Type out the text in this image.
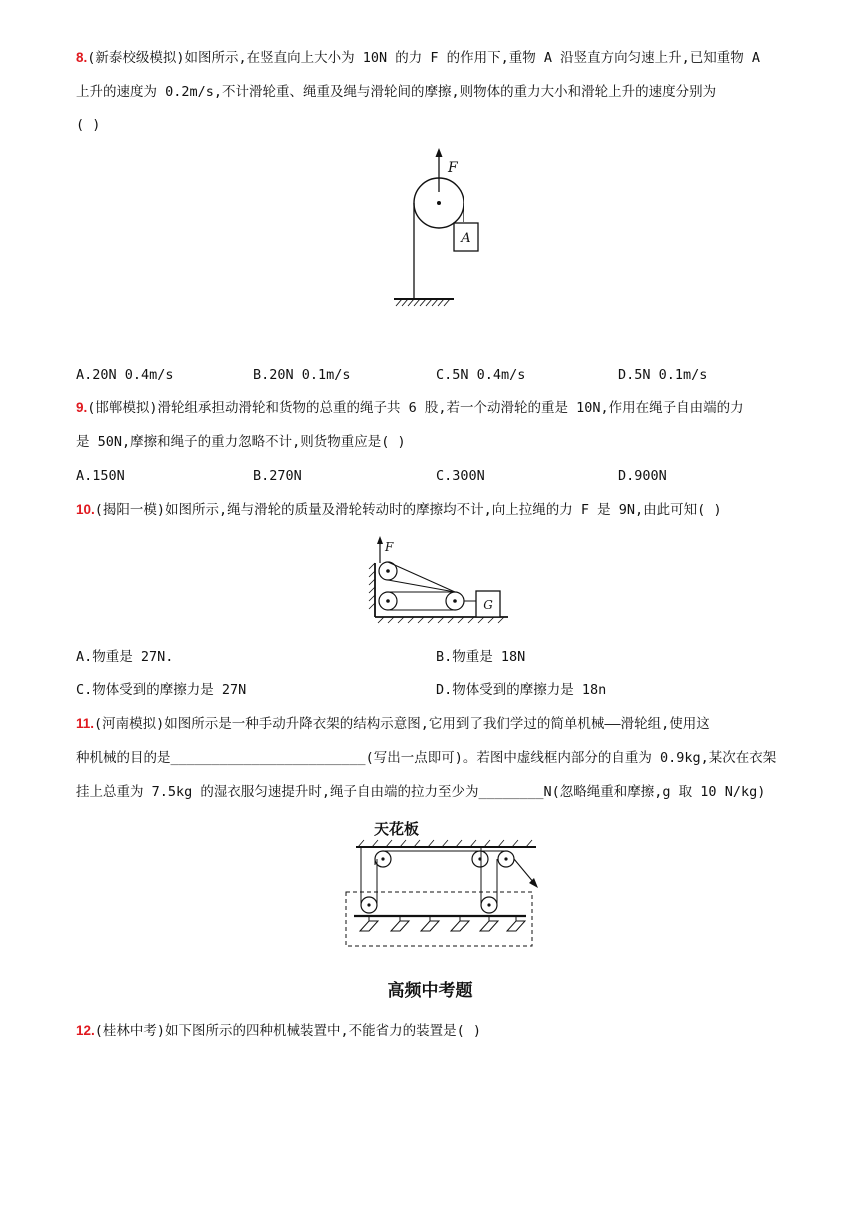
8.(新泰校级模拟)如图所示,在竖直向上大小为 10N 的力 F 的作用下,重物 A 沿竖直方向匀速上升,已知重物 A
上升的速度为 0.2m/s,不计滑轮重、绳重及绳与滑轮间的摩擦,则物体的重力大小和滑轮上升的速度分别为
( )
F
A
A.20N 0.4m/s	B.20N 0.1m/s	C.5N 0.4m/s	D.5N 0.1m/s
9.(邯郸模拟)滑轮组承担动滑轮和货物的总重的绳子共 6 股,若一个动滑轮的重是 10N,作用在绳子自由端的力
是 50N,摩擦和绳子的重力忽略不计,则货物重应是( )
A.150N	B.270N	C.300N	D.900N
10.(揭阳一模)如图所示,绳与滑轮的质量及滑轮转动时的摩擦均不计,向上拉绳的力 F 是 9N,由此可知( )
F
G
A.物重是 27N.	B.物重是 18N
C.物体受到的摩擦力是 27N	D.物体受到的摩擦力是 18n
11.(河南模拟)如图所示是一种手动升降衣架的结构示意图,它用到了我们学过的简单机械——滑轮组,使用这
种机械的目的是________________________(写出一点即可)。若图中虚线框内部分的自重为 0.9kg,某次在衣架
挂上总重为 7.5kg 的湿衣服匀速提升时,绳子自由端的拉力至少为________N(忽略绳重和摩擦,g 取 10 N/kg)
天花板
高频中考题
12.(桂林中考)如下图所示的四种机械装置中,不能省力的装置是( )
